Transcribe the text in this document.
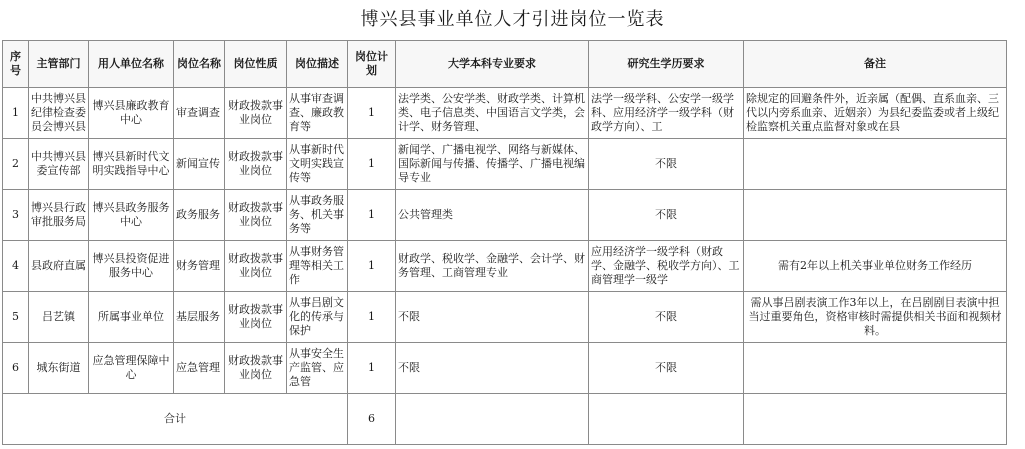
博兴县事业单位人才引进岗位一览表
序号	主管部门	用人单位名称	岗位名称	岗位性质	岗位描述	岗位计划	大学本科专业要求	研究生学历要求	备注

1	中共博兴县纪律检查委员会博兴县	博兴县廉政教育中心	审查调查	财政拨款事业岗位	从事审查调查、廉政教育等	1	法学类、公安学类、财政学类、计算机类、电子信息类、中国语言文学类，会计学、财务管理、	法学一级学科、公安学一级学科、应用经济学一级学科（财政学方向）、工	除规定的回避条件外，近亲属（配偶、直系血亲、三代以内旁系血亲、近姻亲）为县纪委监委或者上级纪检监察机关重点监督对象或在县

2	中共博兴县委宣传部	博兴县新时代文明实践指导中心	新闻宣传	财政拨款事业岗位	从事新时代文明实践宣传等	1	新闻学、广播电视学、网络与新媒体、国际新闻与传播、传播学、广播电视编导专业	不限	

3	博兴县行政审批服务局	博兴县政务服务中心	政务服务	财政拨款事业岗位	从事政务服务、机关事务等	1	公共管理类	不限	

4	县政府直属	博兴县投资促进服务中心	财务管理	财政拨款事业岗位	从事财务管理等相关工作	1	财政学、税收学、金融学、会计学、财务管理、工商管理专业	应用经济学一级学科（财政学、金融学、税收学方向）、工商管理学一级学	需有2年以上机关事业单位财务工作经历

5	吕艺镇	所属事业单位	基层服务	财政拨款事业岗位	从事吕剧文化的传承与保护	1	不限	不限	需从事吕剧表演工作3年以上，在吕剧剧目表演中担当过重要角色，资格审核时需提供相关书面和视频材料。

6	城东街道	应急管理保障中心	应急管理	财政拨款事业岗位	从事安全生产监管、应急管	1	不限	不限	

合计						6			
